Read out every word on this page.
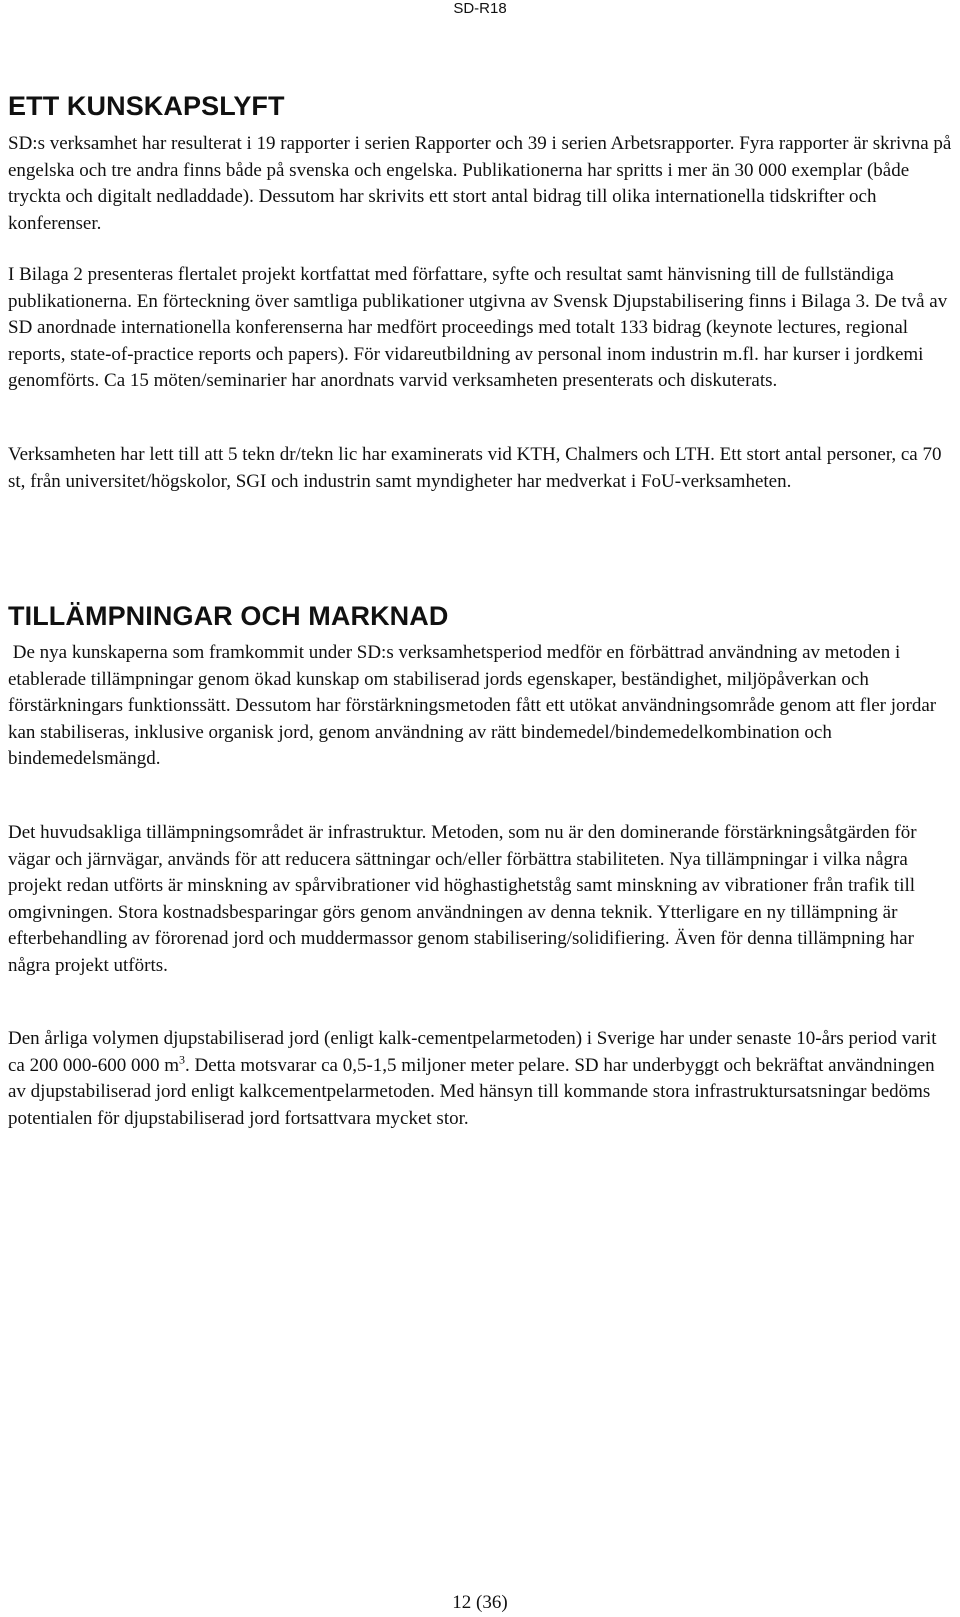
SD-R18
ETT KUNSKAPSLYFT

SD:s verksamhet har resulterat i 19 rapporter i serien Rapporter och 39 i serien Arbetsrapporter. Fyra rapporter är skrivna på engelska och tre andra finns både på svenska och engelska. Publikationerna har spritts i mer än 30 000 exemplar (både tryckta och digitalt nedladdade). Dessutom har skrivits ett stort antal bidrag till olika internationella tidskrifter och konferenser.

I Bilaga 2 presenteras flertalet projekt kortfattat med författare, syfte och resultat samt hänvisning till de fullständiga publikationerna. En förteckning över samtliga publikationer utgivna av Svensk Djupstabilisering finns i Bilaga 3. De två av SD anordnade internationella konferenserna har medfört proceedings med totalt 133 bidrag (keynote lectures, regional reports, state-of-practice reports och papers). För vidareutbildning av personal inom industrin m.fl. har kurser i jordkemi genomförts. Ca 15 möten/seminarier har anordnats varvid verksamheten presenterats och diskuterats.

Verksamheten har lett till att 5 tekn dr/tekn lic har examinerats vid KTH, Chalmers och LTH. Ett stort antal personer, ca 70 st, från universitet/högskolor, SGI och industrin samt myndigheter har medverkat i FoU-verksamheten.

TILLÄMPNINGAR OCH MARKNAD

De nya kunskaperna som framkommit under SD:s verksamhetsperiod medför en förbättrad användning av metoden i etablerade tillämpningar genom ökad kunskap om stabiliserad jords egenskaper, beständighet, miljöpåverkan och förstärkningars funktionssätt. Dessutom har förstärkningsmetoden fått ett utökat användningsområde genom att fler jordar kan stabiliseras, inklusive organisk jord, genom användning av rätt bindemedel/bindemedelkombination och bindemedelsmängd.

Det huvudsakliga tillämpningsområdet är infrastruktur. Metoden, som nu är den dominerande förstärkningsåtgärden för vägar och järnvägar, används för att reducera sättningar och/eller förbättra stabiliteten. Nya tillämpningar i vilka några projekt redan utförts är minskning av spårvibrationer vid höghastighetståg samt minskning av vibrationer från trafik till omgivningen. Stora kostnadsbesparingar görs genom användningen av denna teknik. Ytterligare en ny tillämpning är efterbehandling av förorenad jord och muddermassor genom stabilisering/solidifiering. Även för denna tillämpning har några projekt utförts.

Den årliga volymen djupstabiliserad jord (enligt kalk-cementpelarmetoden) i Sverige har under senaste 10-års period varit ca 200 000-600 000 $m^3$. Detta motsvarar ca 0,5-1,5 miljoner meter pelare. SD har underbyggt och bekräftat användningen av djupstabiliserad jord enligt kalkcementpelarmetoden. Med hänsyn till kommande stora infrastruktursatsningar bedöms potentialen för djupstabiliserad jord fortsattvara mycket stor.

12 (36)
